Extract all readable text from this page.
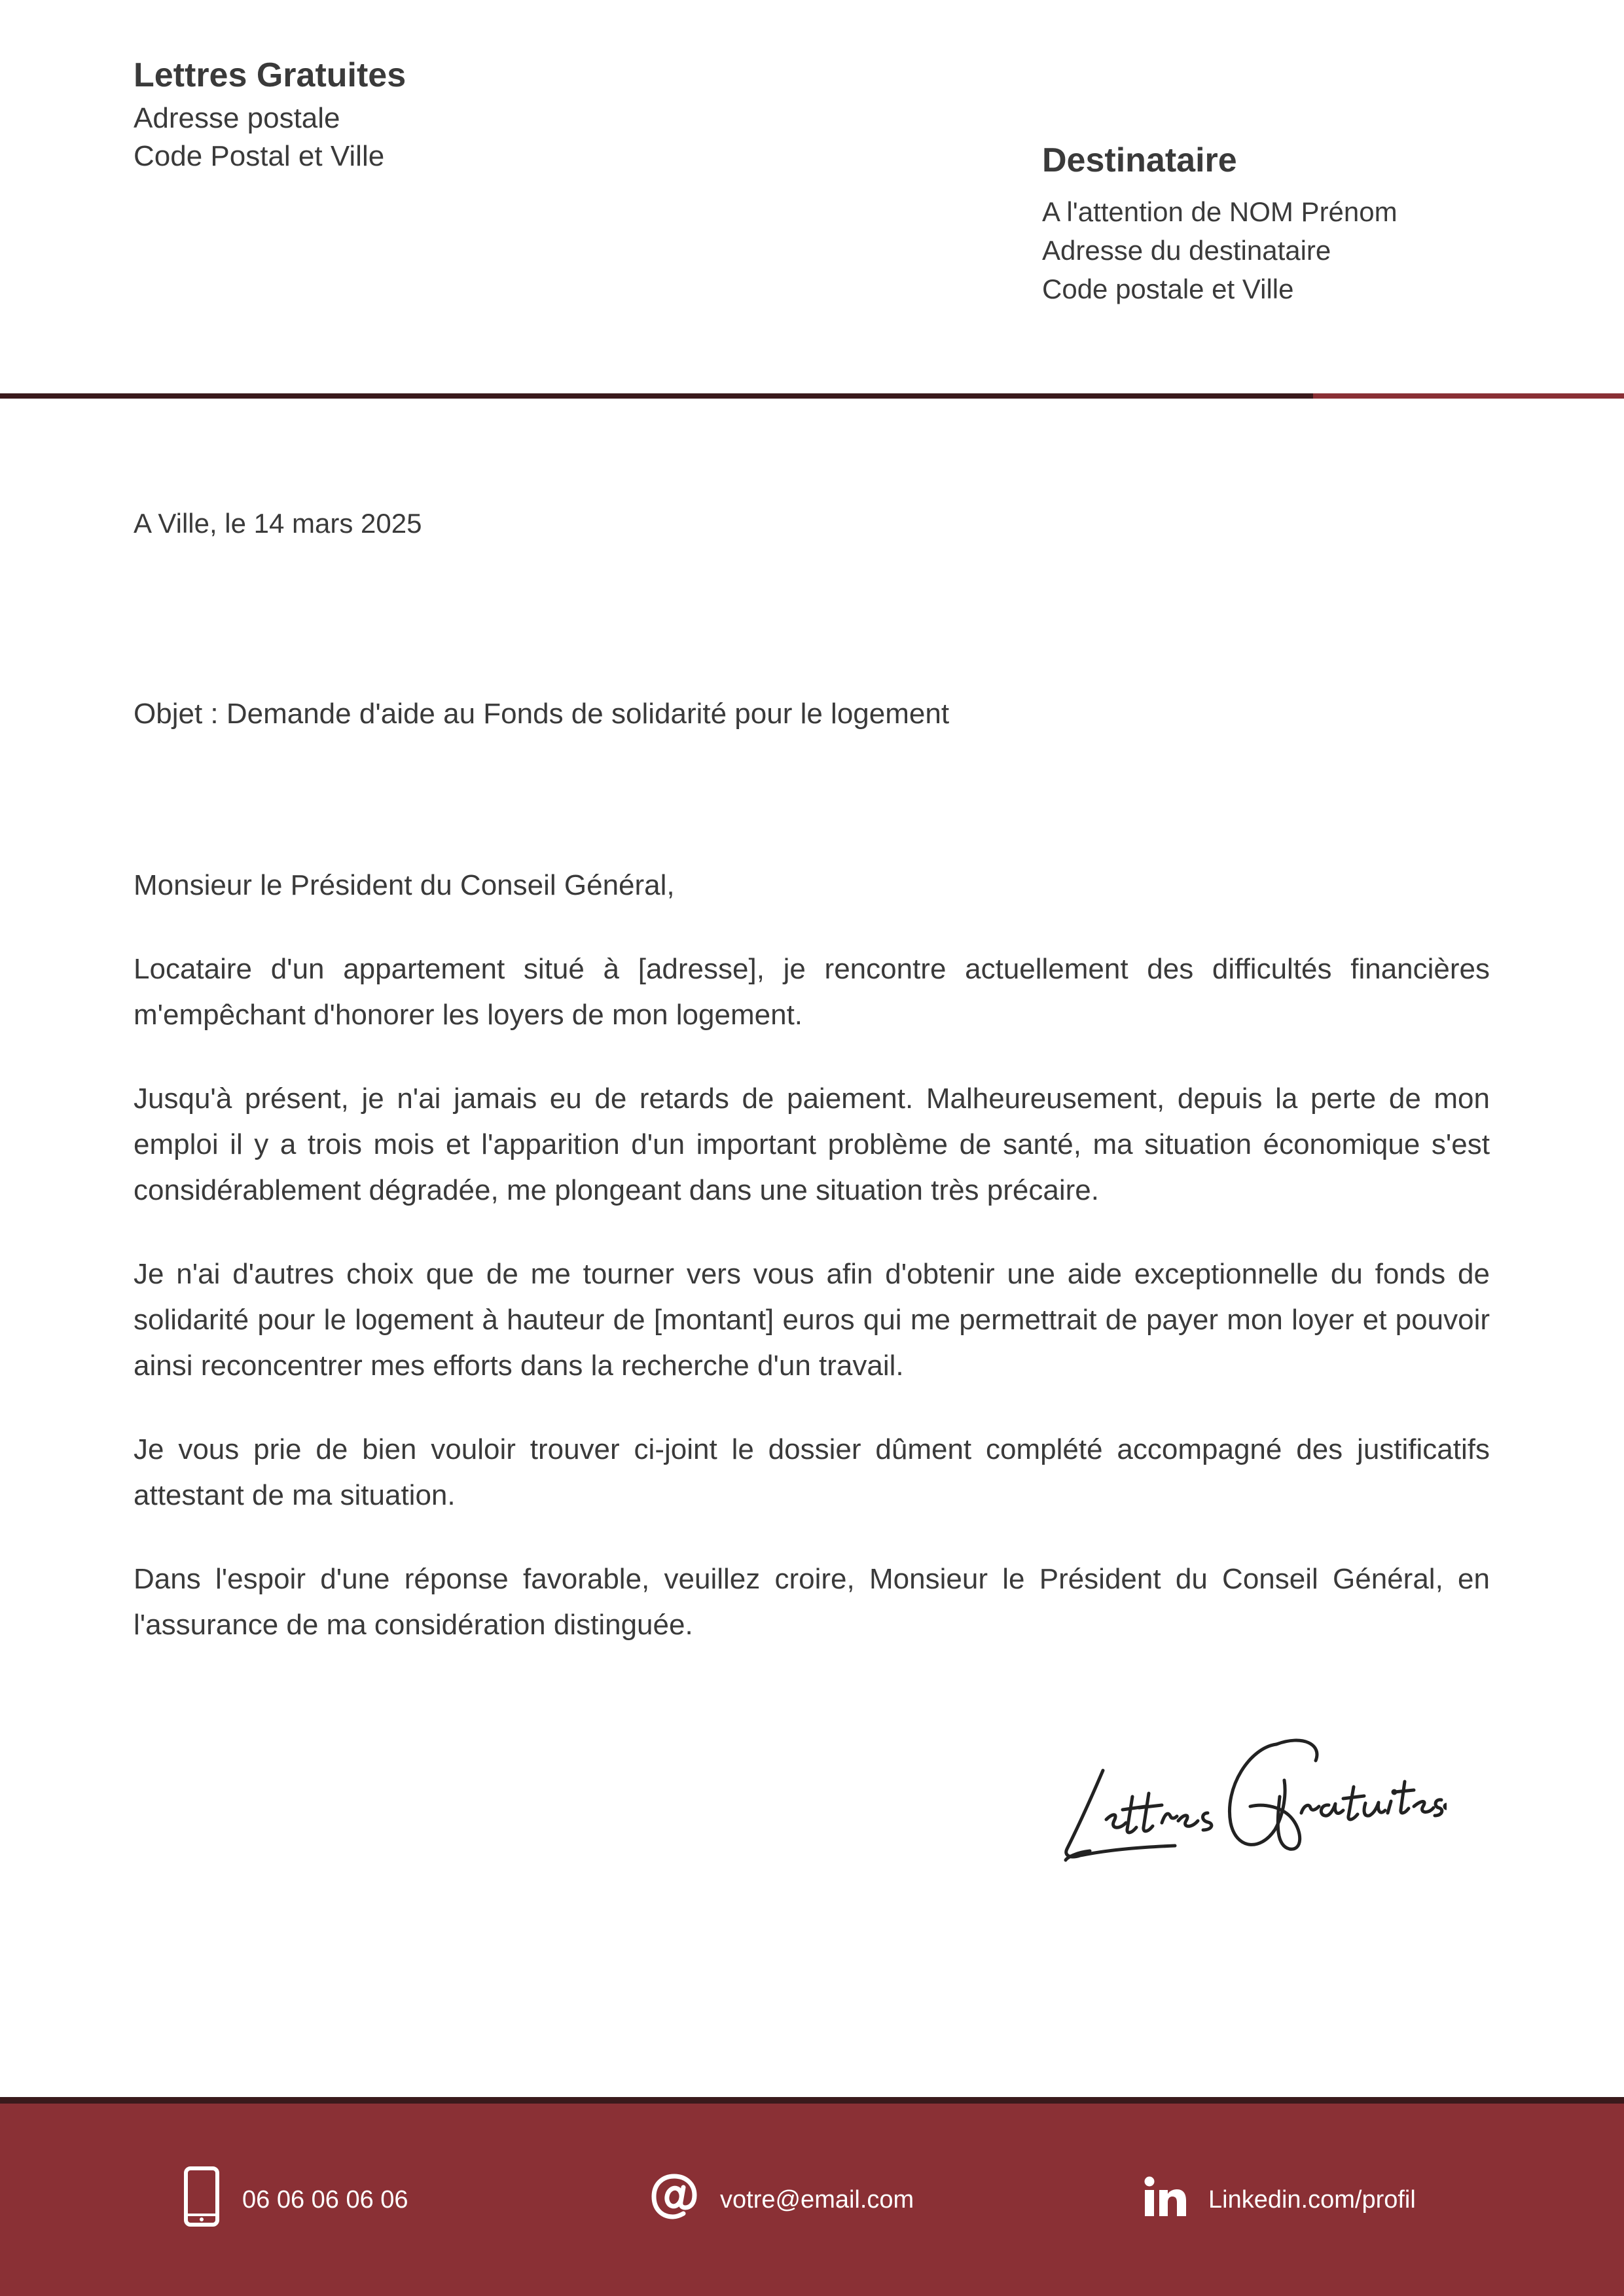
Lettres Gratuites
Adresse postale
Code Postal et Ville	Destinataire
A l'attention de NOM Prénom
Adresse du destinataire
Code postale et Ville
A Ville, le 14 mars 2025
Objet : Demande d'aide au Fonds de solidarité pour le logement

Monsieur le Président du Conseil Général,

Locataire d'un appartement situé à [adresse], je rencontre actuellement des difficultés financières m'empêchant d'honorer les loyers de mon logement.

Jusqu'à présent, je n'ai jamais eu de retards de paiement. Malheureusement, depuis la perte de mon emploi il y a trois mois et l'apparition d'un important problème de santé, ma situation économique s'est considérablement dégradée, me plongeant dans une situation très précaire.

Je n'ai d'autres choix que de me tourner vers vous afin d'obtenir une aide exceptionnelle du fonds de solidarité pour le logement à hauteur de [montant] euros qui me permettrait de payer mon loyer et pouvoir ainsi reconcentrer mes efforts dans la recherche d'un travail.

Je vous prie de bien vouloir trouver ci-joint le dossier dûment complété accompagné des justificatifs attestant de ma situation.

Dans l'espoir d'une réponse favorable, veuillez croire, Monsieur le Président du Conseil Général, en l'assurance de ma considération distinguée.

06 06 06 06 06	votre@email.com	Linkedin.com/profil
